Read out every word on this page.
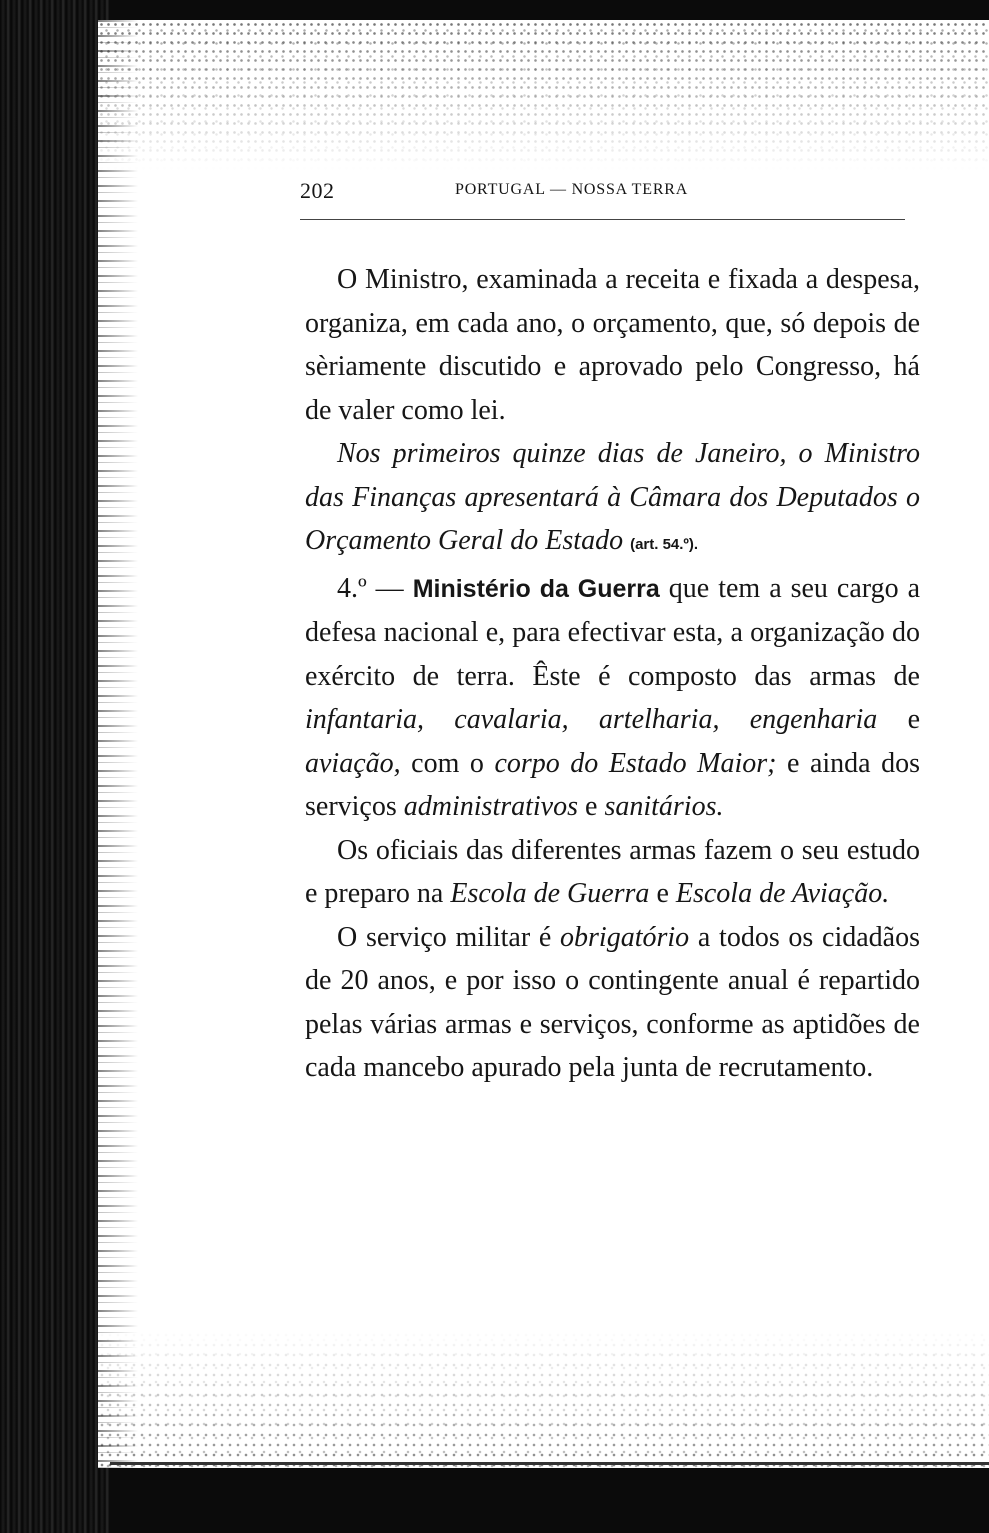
202	PORTUGAL — NOSSA TERRA

O Ministro, examinada a receita e fixada a despesa, organiza, em cada ano, o orçamento, que, só depois de sèriamente discutido e aprovado pelo Congresso, há de valer como lei.

Nos primeiros quinze dias de Janeiro, o Ministro das Finanças apresentará à Câmara dos Deputados o Orçamento Geral do Estado (art. 54.º).

4.º — Ministério da Guerra que tem a seu cargo a defesa nacional e, para efectivar esta, a organização do exército de terra. Êste é composto das armas de infantaria, cavalaria, artelharia, engenharia e aviação, com o corpo do Estado Maior; e ainda dos serviços administrativos e sanitários.

Os oficiais das diferentes armas fazem o seu estudo e preparo na Escola de Guerra e Escola de Aviação.

O serviço militar é obrigatório a todos os cidadãos de 20 anos, e por isso o contingente anual é repartido pelas várias armas e serviços, conforme as aptidões de cada mancebo apurado pela junta de recrutamento.
